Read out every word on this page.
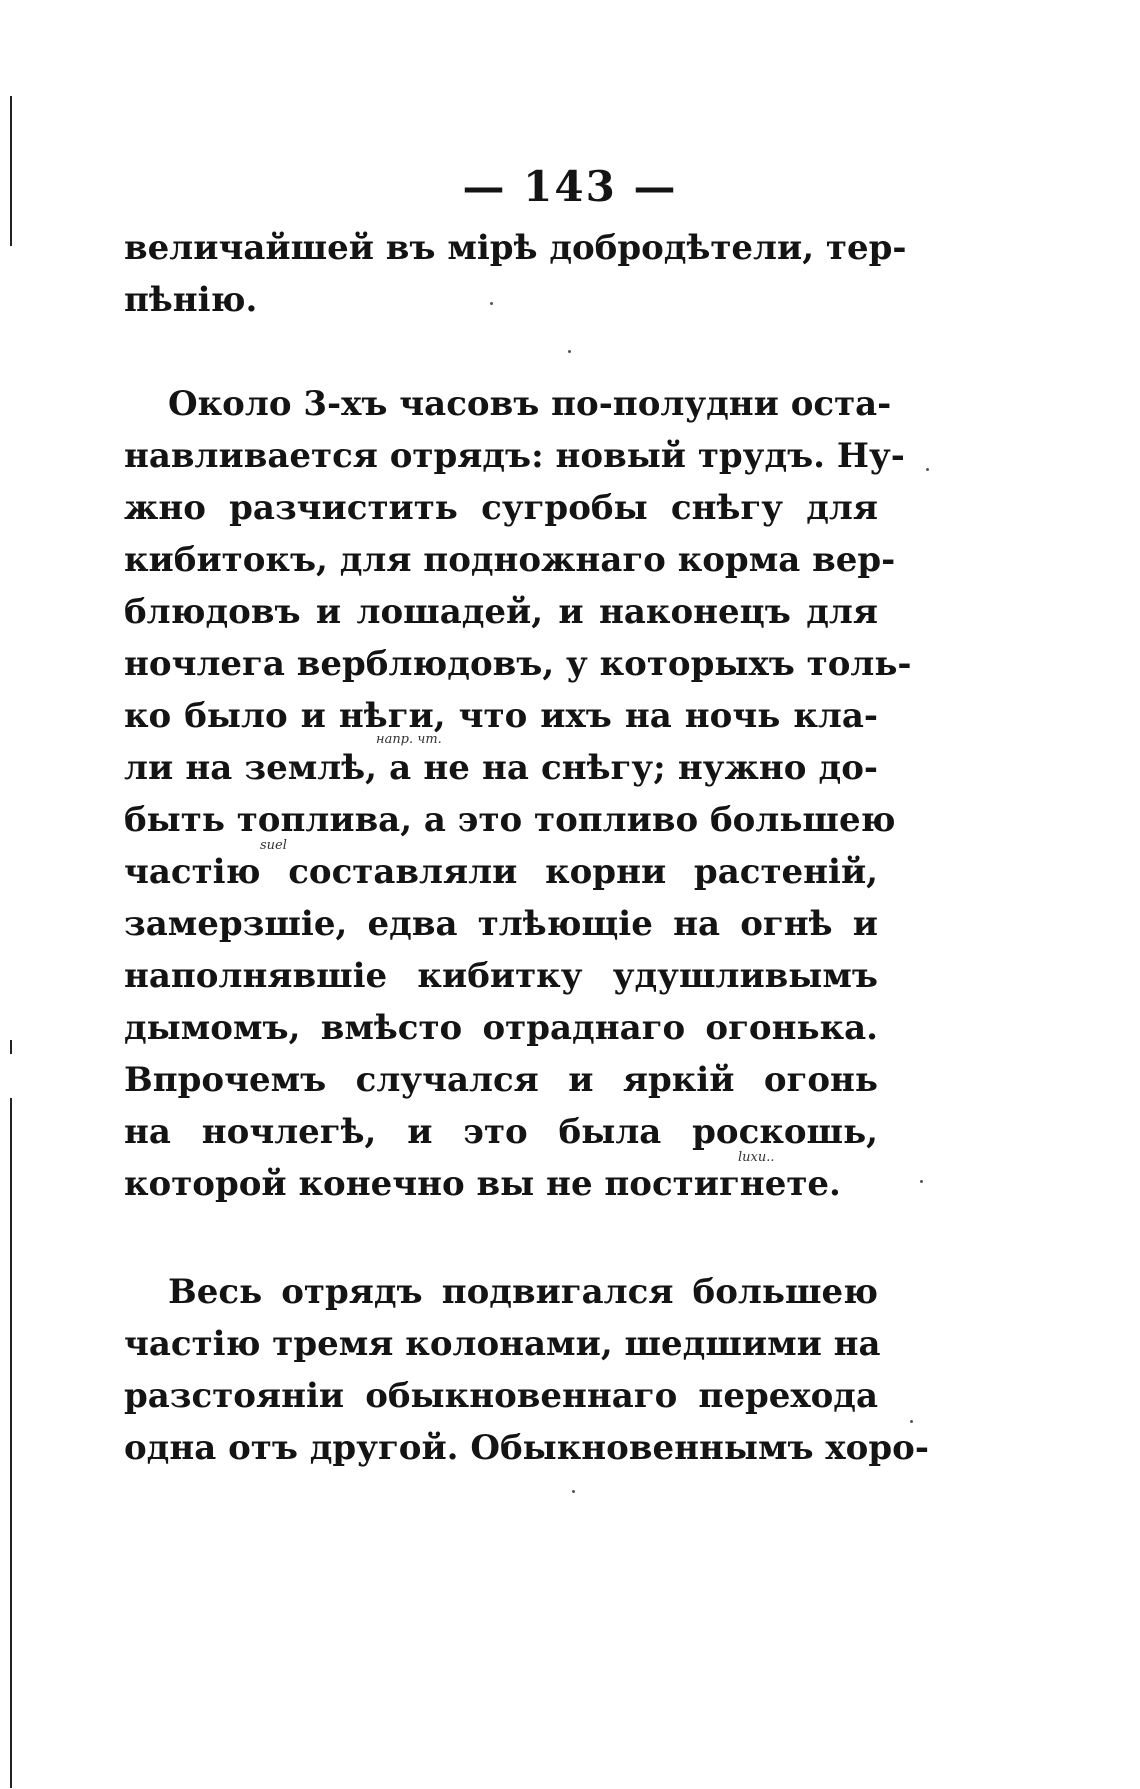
— 143 —
величайшей въ мірѣ добродѣтели, тер-
пѣнію.
Около 3-хъ часовъ по-полудни оста-
навливается отрядъ: новый трудъ. Ну-
жно разчистить сугробы снѣгу для
кибитокъ, для подножнаго корма вер-
блюдовъ и лошадей, и наконецъ для
ночлега верблюдовъ, у которыхъ толь-
ко было и нѣги, что ихъ на ночь кла-
ли на землѣ, а не на снѣгу; нужно до-
быть топлива, а это топливо большею
частію составляли корни растеній,
замерзшіе, едва тлѣющіе на огнѣ и
наполнявшіе кибитку удушливымъ
дымомъ, вмѣсто отраднаго огонька.
Впрочемъ случался и яркій огонь
на ночлегѣ, и это была роскошь,
которой конечно вы не постигнете.
Весь отрядъ подвигался большею
частію тремя колонами, шедшими на
разстояніи обыкновеннаго перехода
одна отъ другой. Обыкновеннымъ хоро-
напр. чт.
suel
luxu..
